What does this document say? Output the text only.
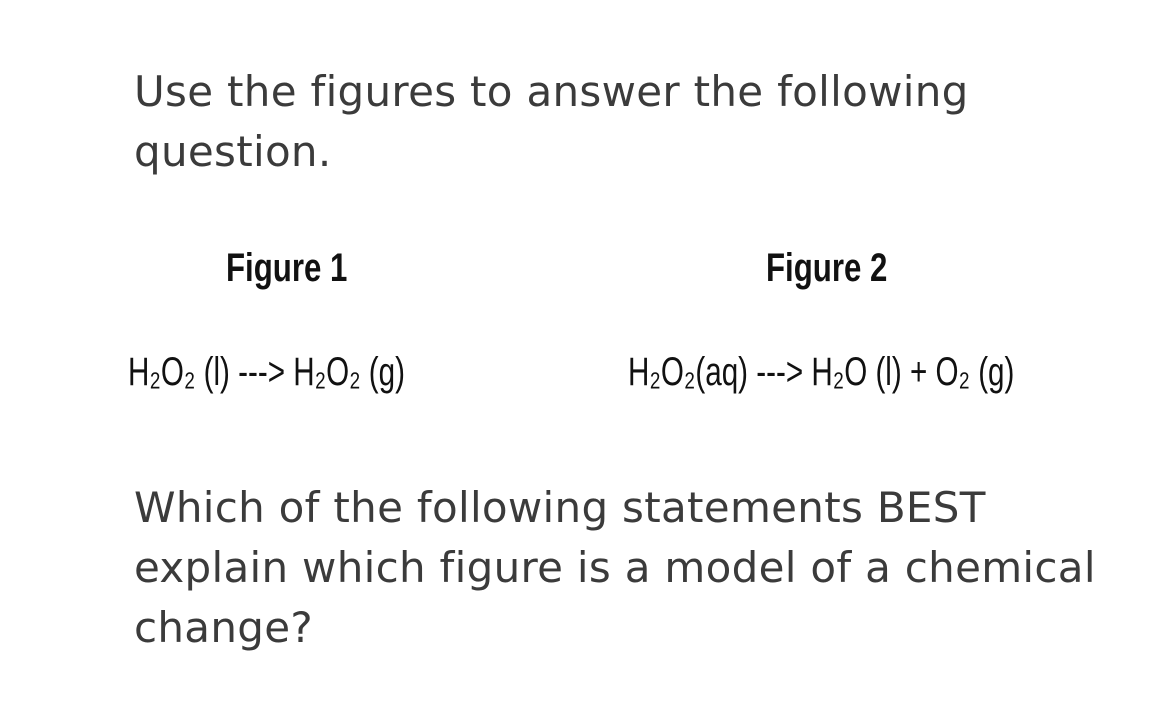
Use the figures to answer the following question.

Figure 1	Figure 2
H₂O₂ (l) ---> H₂O₂ (g)	H₂O₂(aq) ---> H₂O (l) + O₂ (g)

Which of the following statements BEST explain which figure is a model of a chemical change?
